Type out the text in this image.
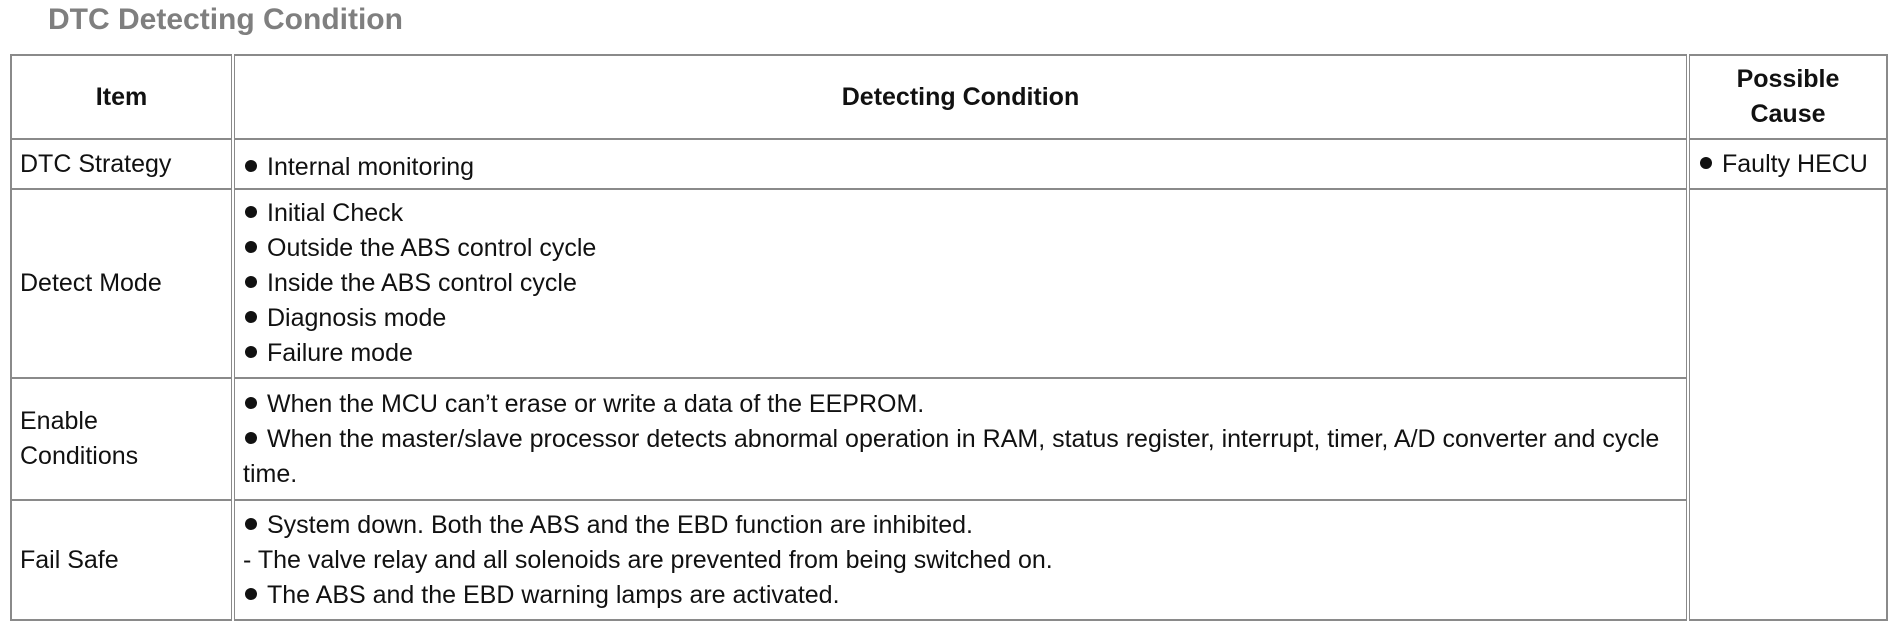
DTC Detecting Condition
Item	Detecting Condition	Possible
Cause

DTC Strategy	Internal monitoring	Faulty HECU
Detect Mode	Initial Check
Outside the ABS control cycle
Inside the ABS control cycle
Diagnosis mode
Failure mode	

Enable
Conditions	When the MCU can’t erase or write a data of the EEPROM.
When the master/slave processor detects abnormal operation in RAM, status register, interrupt, timer, A/D converter and cycle time.	

Fail Safe	System down. Both the ABS and the EBD function are inhibited.
- The valve relay and all solenoids are prevented from being switched on.
The ABS and the EBD warning lamps are activated.	
